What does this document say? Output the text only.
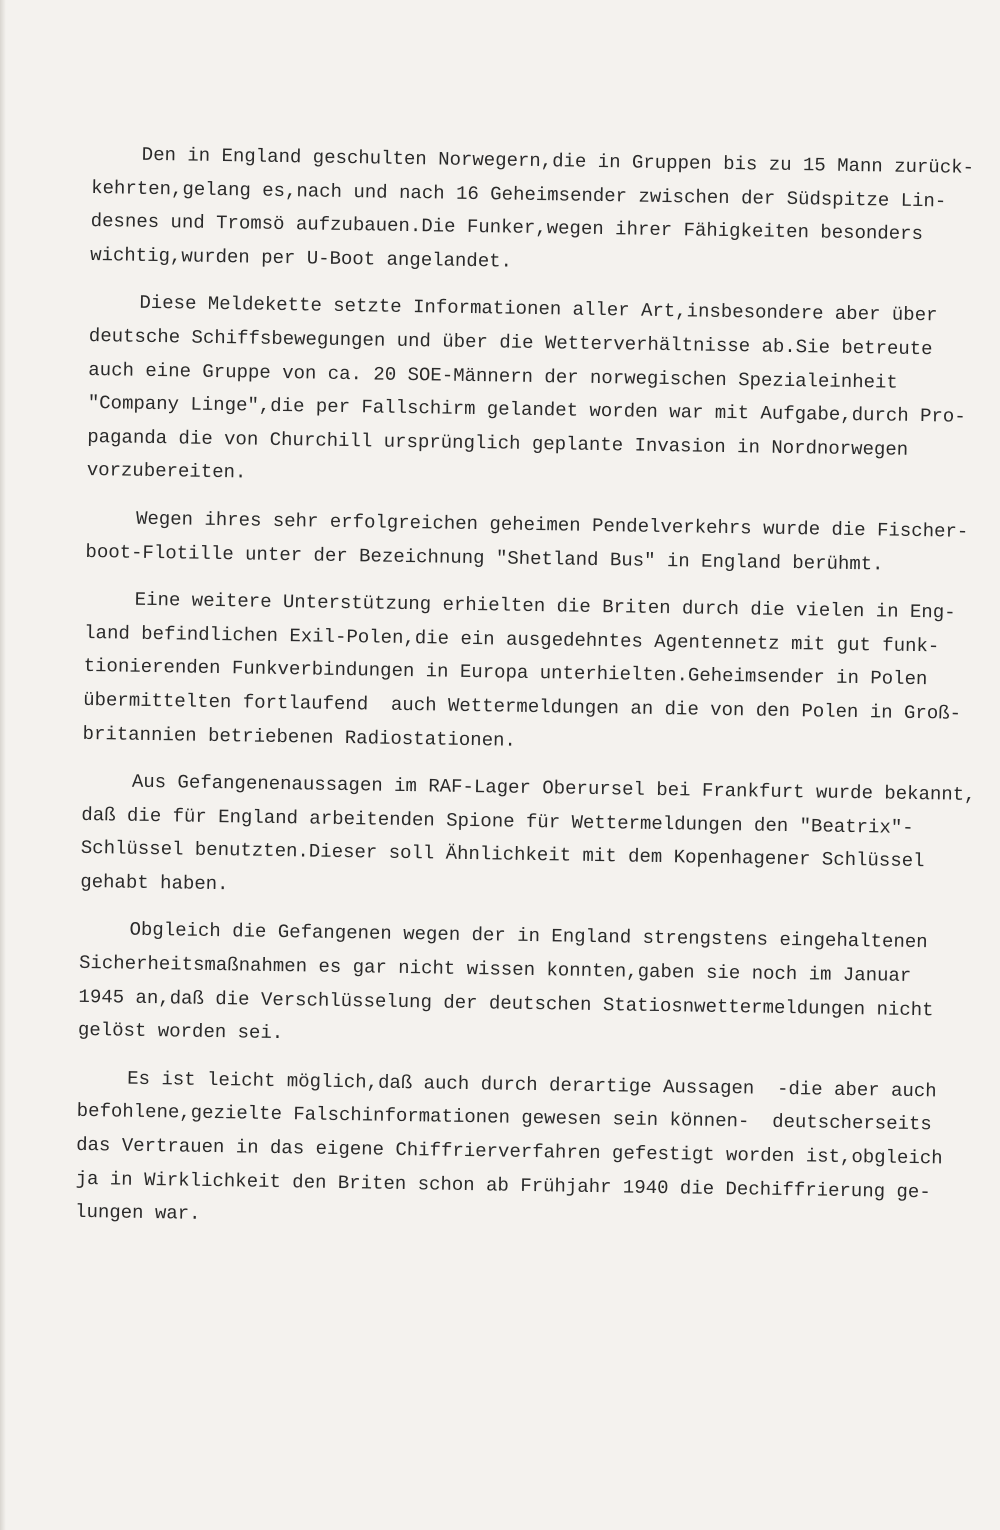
Den in England geschulten Norwegern,die in Gruppen bis zu 15 Mann zurück-
kehrten,gelang es,nach und nach 16 Geheimsender zwischen der Südspitze Lin-
desnes und Tromsö aufzubauen.Die Funker,wegen ihrer Fähigkeiten besonders
wichtig,wurden per U-Boot angelandet.
Diese Meldekette setzte Informationen aller Art,insbesondere aber über
deutsche Schiffsbewegungen und über die Wetterverhältnisse ab.Sie betreute
auch eine Gruppe von ca. 20 SOE-Männern der norwegischen Spezialeinheit
"Company Linge",die per Fallschirm gelandet worden war mit Aufgabe,durch Pro-
paganda die von Churchill ursprünglich geplante Invasion in Nordnorwegen
vorzubereiten.
Wegen ihres sehr erfolgreichen geheimen Pendelverkehrs wurde die Fischer-
boot-Flotille unter der Bezeichnung "Shetland Bus" in England berühmt.
Eine weitere Unterstützung erhielten die Briten durch die vielen in Eng-
land befindlichen Exil-Polen,die ein ausgedehntes Agentennetz mit gut funk-
tionierenden Funkverbindungen in Europa unterhielten.Geheimsender in Polen
übermittelten fortlaufend  auch Wettermeldungen an die von den Polen in Groß-
britannien betriebenen Radiostationen.
Aus Gefangenenaussagen im RAF-Lager Oberursel bei Frankfurt wurde bekannt,
daß die für England arbeitenden Spione für Wettermeldungen den "Beatrix"-
Schlüssel benutzten.Dieser soll Ähnlichkeit mit dem Kopenhagener Schlüssel
gehabt haben.
Obgleich die Gefangenen wegen der in England strengstens eingehaltenen
Sicherheitsmaßnahmen es gar nicht wissen konnten,gaben sie noch im Januar
1945 an,daß die Verschlüsselung der deutschen Statiosnwettermeldungen nicht
gelöst worden sei.
Es ist leicht möglich,daß auch durch derartige Aussagen  -die aber auch
befohlene,gezielte Falschinformationen gewesen sein können-  deutscherseits
das Vertrauen in das eigene Chiffrierverfahren gefestigt worden ist,obgleich
ja in Wirklichkeit den Briten schon ab Frühjahr 1940 die Dechiffrierung ge-
lungen war.
